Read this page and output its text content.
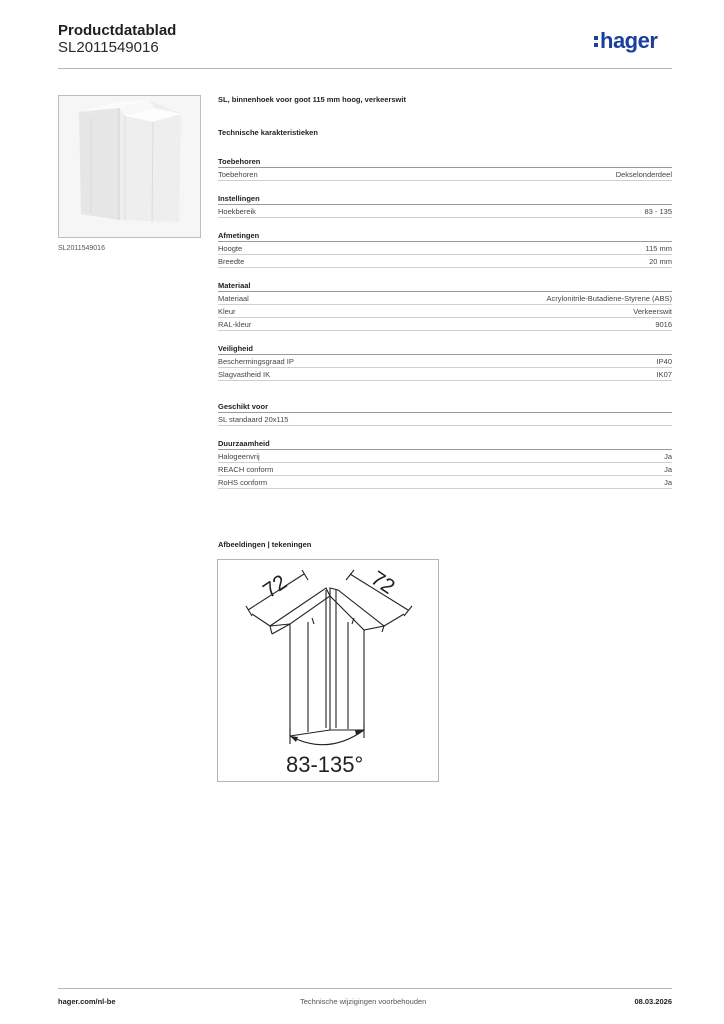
Productdatablad
SL2011549016	hager
SL2011549016
SL, binnenhoek voor goot 115 mm hoog, verkeerswit
Technische karakteristieken
Toebehoren
Toebehoren	Dekselonderdeel
Instellingen
Hoekbereik	83 - 135
Afmetingen
Hoogte	115 mm
Breedte	20 mm
Materiaal
Materiaal	Acrylonitrile-Butadiene-Styrene (ABS)
Kleur	Verkeerswit
RAL-kleur	9016
Veiligheid
Beschermingsgraad IP	IP40
Slagvastheid IK	IK07
Geschikt voor
SL standaard 20x115
Duurzaamheid
Halogeenvrij	Ja
REACH conform	Ja
RoHS conform	Ja
Afbeeldingen | tekeningen
72	72
83-135°
hager.com/nl-be	Technische wijzigingen voorbehouden	08.03.2026
